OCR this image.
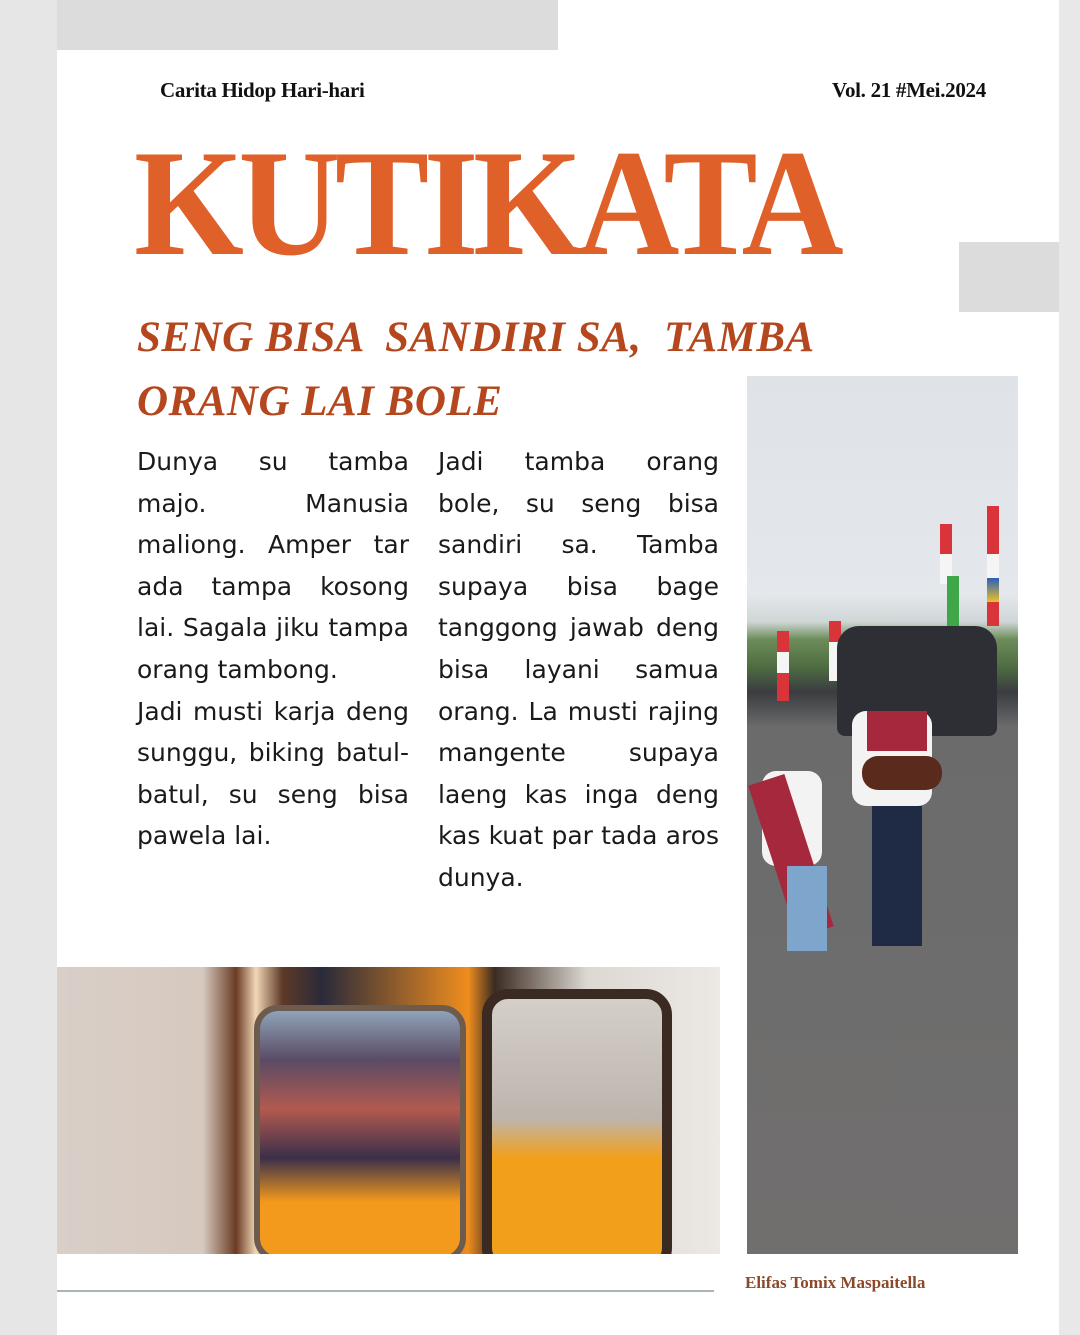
Carita Hidop Hari-hari	Vol. 21 #Mei.2024
KUTIKATA
SENG BISA  SANDIRI SA,  TAMBA
ORANG LAI BOLE

Dunya su tamba majo. Manusia maliong. Amper tar ada tampa kosong lai. Sagala jiku tampa orang tambong.

Jadi musti karja deng sunggu, biking batul-batul, su seng bisa pawela lai.

Jadi tamba orang bole, su seng bisa sandiri sa. Tamba supaya bisa bage tanggong jawab deng bisa layani samua orang. La musti rajing mangente supaya laeng kas inga deng kas kuat par tada aros dunya.

Elifas Tomix Maspaitella
